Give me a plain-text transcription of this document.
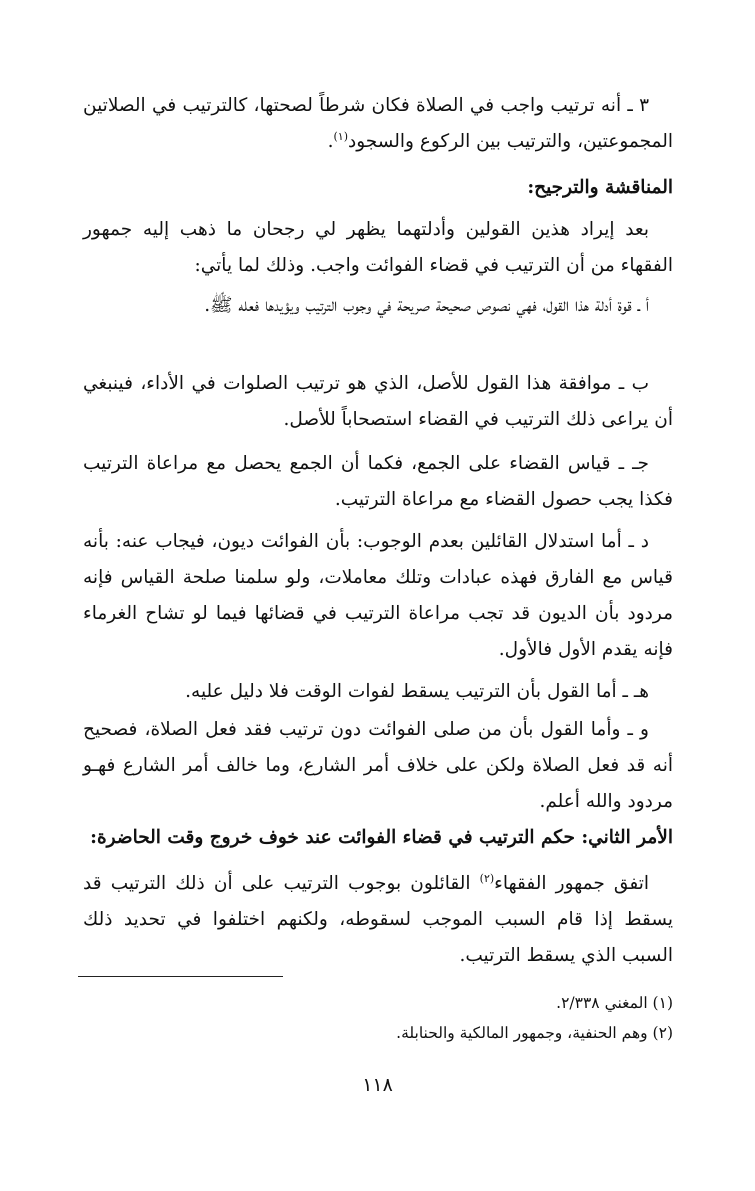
٣ ـ أنه ترتيب واجب في الصلاة فكان شرطاً لصحتها، كالترتيب في الصلاتين المجموعتين، والترتيب بين الركوع والسجود$^{(١)}$.

المناقشة والترجيح:

بعد إيراد هذين القولين وأدلتهما يظهر لي رجحان ما ذهب إليه جمهور الفقهاء من أن الترتيب في قضاء الفوائت واجب. وذلك لما يأتي:

أ ـ قوة أدلة هذا القول، فهي نصوص صحيحة صريحة في وجوب الترتيب ويؤيدها فعله ﷺ.

ب ـ موافقة هذا القول للأصل، الذي هو ترتيب الصلوات في الأداء، فينبغي أن يراعى ذلك الترتيب في القضاء استصحاباً للأصل.

جـ ـ قياس القضاء على الجمع، فكما أن الجمع يحصل مع مراعاة الترتيب فكذا يجب حصول القضاء مع مراعاة الترتيب.

د ـ أما استدلال القائلين بعدم الوجوب: بأن الفوائت ديون، فيجاب عنه: بأنه قياس مع الفارق فهذه عبادات وتلك معاملات، ولو سلمنا صلحة القياس فإنه مردود بأن الديون قد تجب مراعاة الترتيب في قضائها فيما لو تشاح الغرماء فإنه يقدم الأول فالأول.

هـ ـ أما القول بأن الترتيب يسقط لفوات الوقت فلا دليل عليه.

و ـ وأما القول بأن من صلى الفوائت دون ترتيب فقد فعل الصلاة، فصحيح أنه قد فعل الصلاة ولكن على خلاف أمر الشارع، وما خالف أمر الشارع فهـو مردود والله أعلم.

الأمر الثاني: حكم الترتيب في قضاء الفوائت عند خوف خروج وقت الحاضرة:

اتفق جمهور الفقهاء$^{(٢)}$ القائلون بوجوب الترتيب على أن ذلك الترتيب قد يسقط إذا قام السبب الموجب لسقوطه، ولكنهم اختلفوا في تحديد ذلك السبب الذي يسقط الترتيب.

(١) المغني ٢/٣٣٨.
(٢) وهم الحنفية، وجمهور المالكية والحنابلة.
١١٨
